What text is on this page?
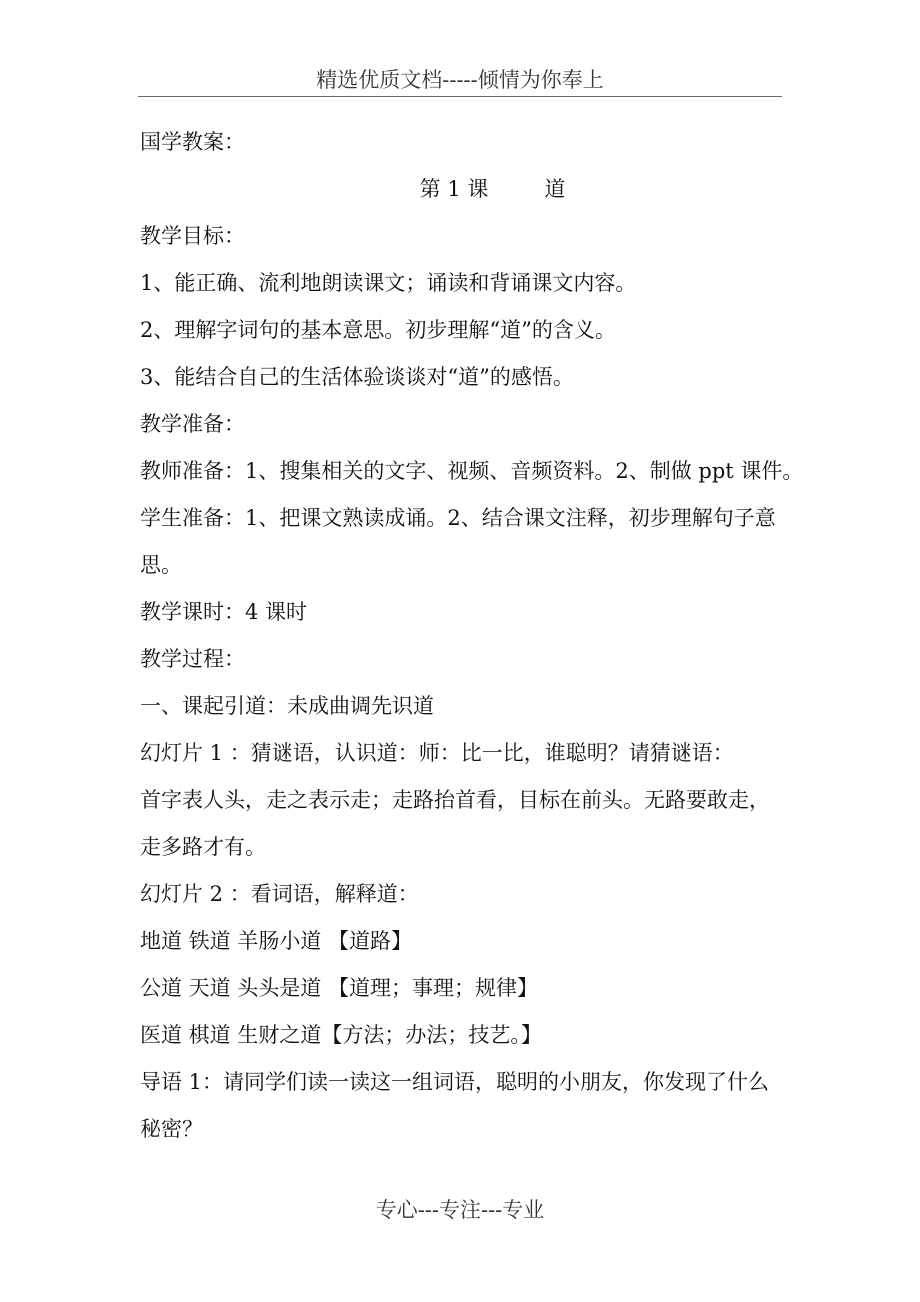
精选优质文档-----倾情为你奉上
国学教案：
第 1 课	道
教学目标：
1、能正确、流利地朗读课文；诵读和背诵课文内容。
2、理解字词句的基本意思。初步理解“道”的含义。
3、能结合自己的生活体验谈谈对“道”的感悟。
教学准备：
教师准备：1、搜集相关的文字、视频、音频资料。2、制做 ppt 课件。
学生准备：1、把课文熟读成诵。2、结合课文注释，初步理解句子意
思。
教学课时：4 课时
教学过程：
一、课起引道：未成曲调先识道
幻灯片 1 ：猜谜语，认识道：师：比一比，谁聪明？请猜谜语：
首字表人头，走之表示走；走路抬首看，目标在前头。无路要敢走，
走多路才有。
幻灯片 2 ：看词语，解释道：
地道 铁道 羊肠小道 【道路】
公道 天道 头头是道 【道理；事理；规律】
医道 棋道 生财之道【方法；办法；技艺。】
导语 1：请同学们读一读这一组词语，聪明的小朋友，你发现了什么
秘密？
专心---专注---专业
